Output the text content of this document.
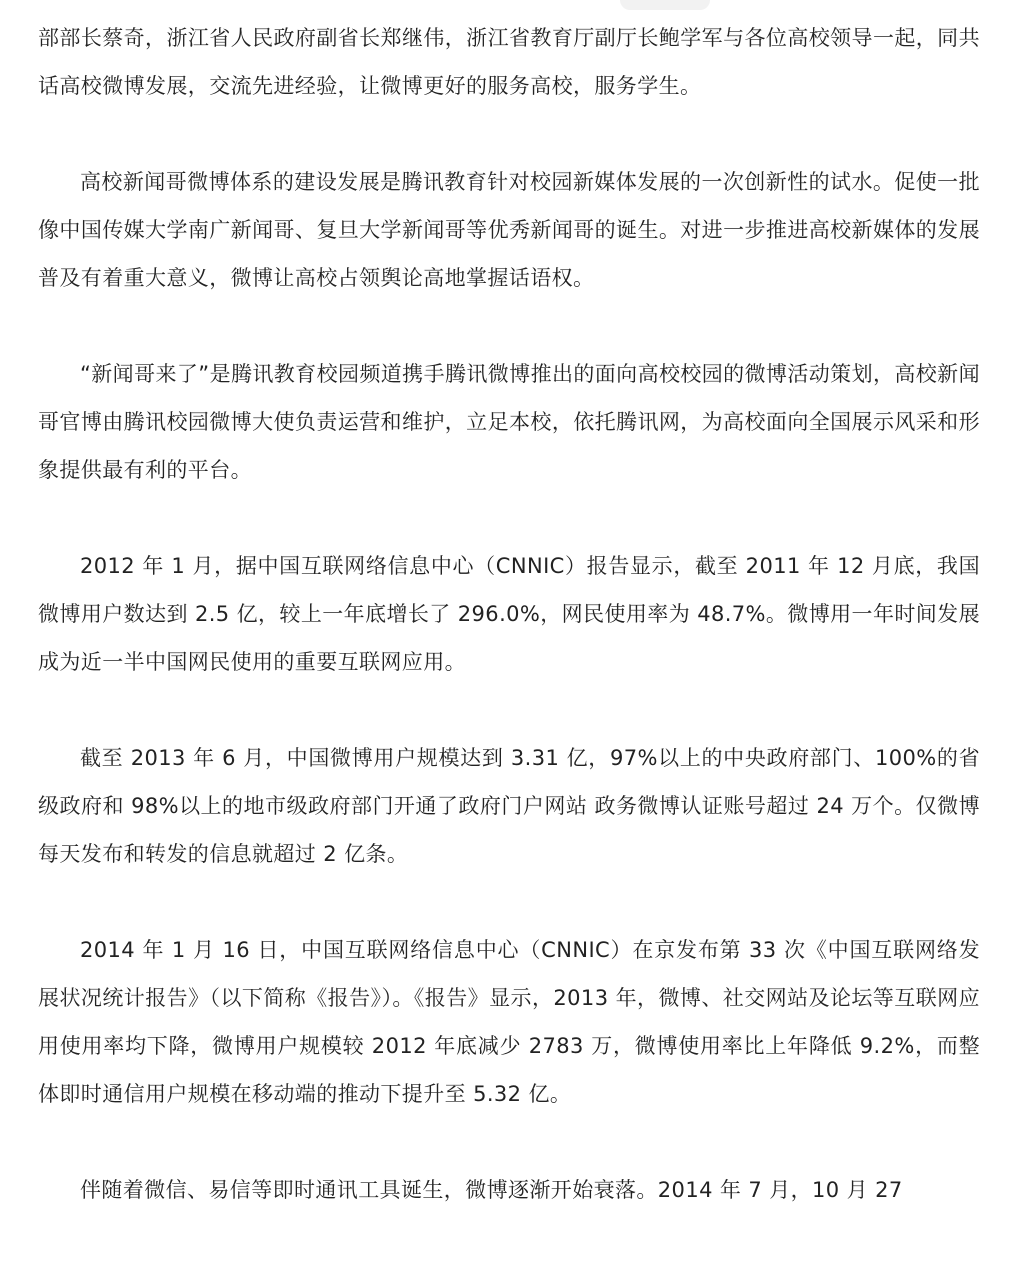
部部长蔡奇，浙江省人民政府副省长郑继伟，浙江省教育厅副厅长鲍学军与各位高校领导一起，同共话高校微博发展，交流先进经验，让微博更好的服务高校，服务学生。

高校新闻哥微博体系的建设发展是腾讯教育针对校园新媒体发展的一次创新性的试水。促使一批像中国传媒大学南广新闻哥、复旦大学新闻哥等优秀新闻哥的诞生。对进一步推进高校新媒体的发展普及有着重大意义，微博让高校占领舆论高地掌握话语权。

“新闻哥来了”是腾讯教育校园频道携手腾讯微博推出的面向高校校园的微博活动策划，高校新闻哥官博由腾讯校园微博大使负责运营和维护，立足本校，依托腾讯网，为高校面向全国展示风采和形象提供最有利的平台。

2012 年 1 月，据中国互联网络信息中心（CNNIC）报告显示，截至 2011 年 12 月底，我国微博用户数达到 2.5 亿，较上一年底增长了 296.0%，网民使用率为 48.7%。微博用一年时间发展成为近一半中国网民使用的重要互联网应用。

截至 2013 年 6 月，中国微博用户规模达到 3.31 亿，97%以上的中央政府部门、100%的省级政府和 98%以上的地市级政府部门开通了政府门户网站 政务微博认证账号超过 24 万个。仅微博每天发布和转发的信息就超过 2 亿条。

2014 年 1 月 16 日，中国互联网络信息中心（CNNIC）在京发布第 33 次《中国互联网络发展状况统计报告》（以下简称《报告》）。《报告》显示，2013 年，微博、社交网站及论坛等互联网应用使用率均下降，微博用户规模较 2012 年底减少 2783 万，微博使用率比上年降低 9.2%，而整体即时通信用户规模在移动端的推动下提升至 5.32 亿。

伴随着微信、易信等即时通讯工具诞生，微博逐渐开始衰落。2014 年 7 月，10 月 27
